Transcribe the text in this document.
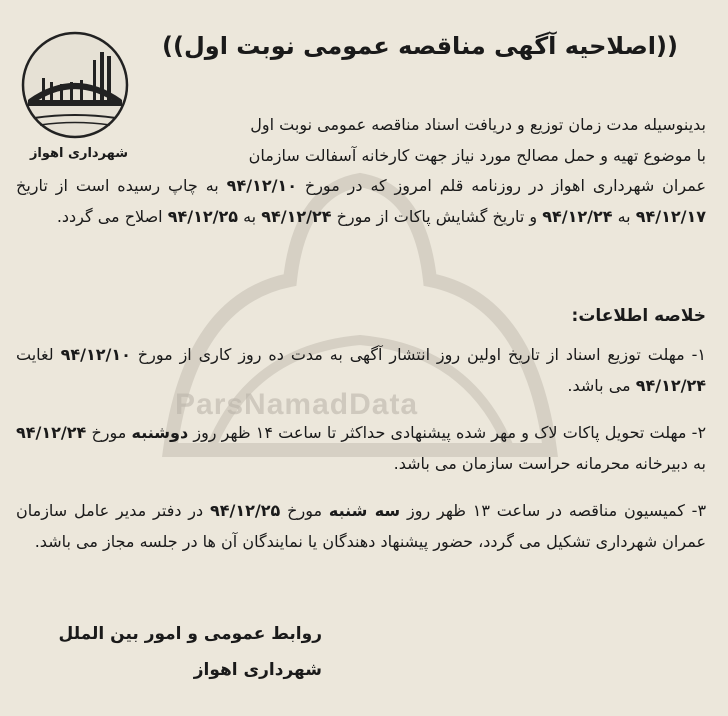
ParsNamadData
شهرداری اهواز
((اصلاحیه آگهی مناقصه عمومی نوبت اول))
بدینوسیله مدت زمان توزیع و دریافت اسناد مناقصه عمومی نوبت اول
با موضوع تهیه و حمل مصالح مورد نیاز جهت کارخانه آسفالت سازمان
عمران شهرداری اهواز در روزنامه قلم امروز که در مورخ ۹۴/۱۲/۱۰ به چاپ رسیده است از تاریخ ۹۴/۱۲/۱۷ به ۹۴/۱۲/۲۴ و تاریخ گشایش پاکات از مورخ ۹۴/۱۲/۲۴ به ۹۴/۱۲/۲۵ اصلاح می گردد.
خلاصه اطلاعات:
۱- مهلت توزیع اسناد از تاریخ اولین روز انتشار آگهی به مدت ده روز کاری از مورخ ۹۴/۱۲/۱۰ لغایت ۹۴/۱۲/۲۴ می باشد.
۲- مهلت تحویل پاکات لاک و مهر شده پیشنهادی حداکثر تا ساعت ۱۴ ظهر روز دوشنبه مورخ ۹۴/۱۲/۲۴ به دبیرخانه محرمانه حراست سازمان می باشد.
۳- کمیسیون مناقصه در ساعت ۱۳ ظهر روز سه شنبه مورخ ۹۴/۱۲/۲۵ در دفتر مدیر عامل سازمان عمران شهرداری تشکیل می گردد، حضور پیشنهاد دهندگان یا نمایندگان آن ها در جلسه مجاز می باشد.
روابط عمومی و امور بین الملل
شهرداری اهواز
